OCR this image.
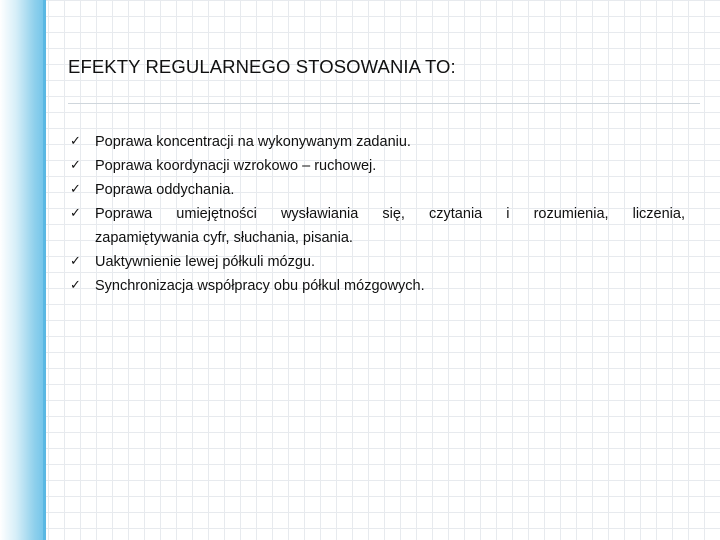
EFEKTY REGULARNEGO STOSOWANIA TO:
✓ Poprawa koncentracji na wykonywanym zadaniu.
✓ Poprawa koordynacji wzrokowo – ruchowej.
✓ Poprawa oddychania.
✓ Poprawa umiejętności wysławiania się, czytania i rozumienia, liczenia,
zapamiętywania cyfr, słuchania, pisania.
✓ Uaktywnienie lewej półkuli mózgu.
✓ Synchronizacja współpracy obu półkul mózgowych.
